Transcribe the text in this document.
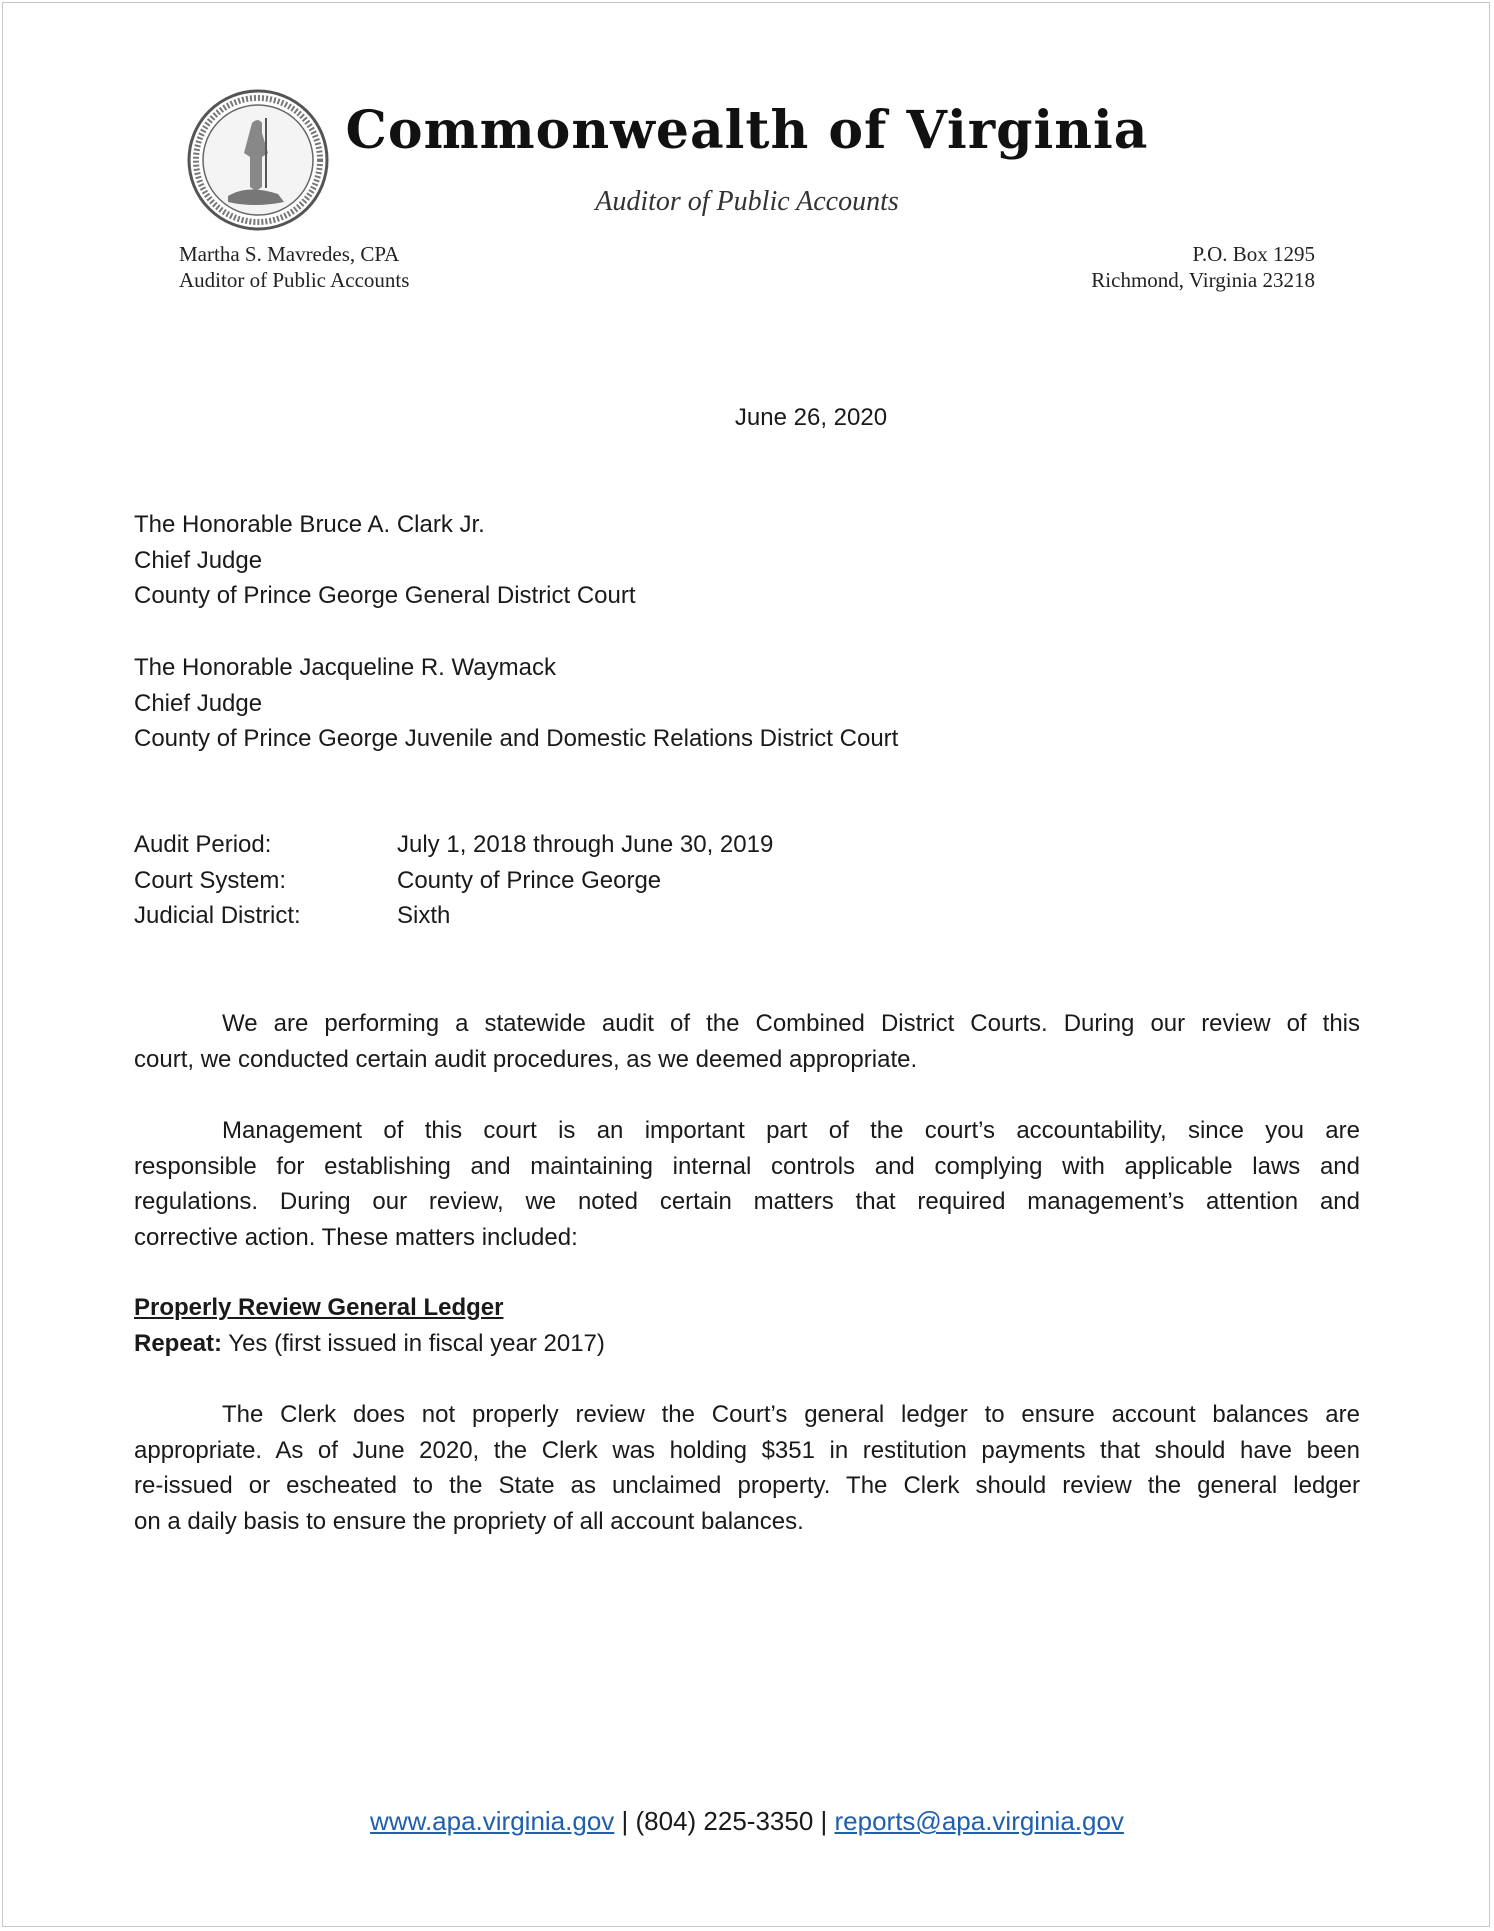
Commonwealth of Virginia
Auditor of Public Accounts
Martha S. Mavredes, CPA
Auditor of Public Accounts
P.O. Box 1295
Richmond, Virginia 23218
June 26, 2020
The Honorable Bruce A. Clark Jr.
Chief Judge
County of Prince George General District Court
The Honorable Jacqueline R. Waymack
Chief Judge
County of Prince George Juvenile and Domestic Relations District Court
Audit Period:	July 1, 2018 through June 30, 2019
Court System:	County of Prince George
Judicial District:	Sixth
We are performing a statewide audit of the Combined District Courts. During our review of this
court, we conducted certain audit procedures, as we deemed appropriate.
Management of this court is an important part of the court’s accountability, since you are
responsible for establishing and maintaining internal controls and complying with applicable laws and
regulations. During our review, we noted certain matters that required management’s attention and
corrective action. These matters included:
Properly Review General Ledger
Repeat: Yes (first issued in fiscal year 2017)
The Clerk does not properly review the Court’s general ledger to ensure account balances are
appropriate. As of June 2020, the Clerk was holding $351 in restitution payments that should have been
re-issued or escheated to the State as unclaimed property. The Clerk should review the general ledger
on a daily basis to ensure the propriety of all account balances.
www.apa.virginia.gov | (804) 225-3350 | reports@apa.virginia.gov
